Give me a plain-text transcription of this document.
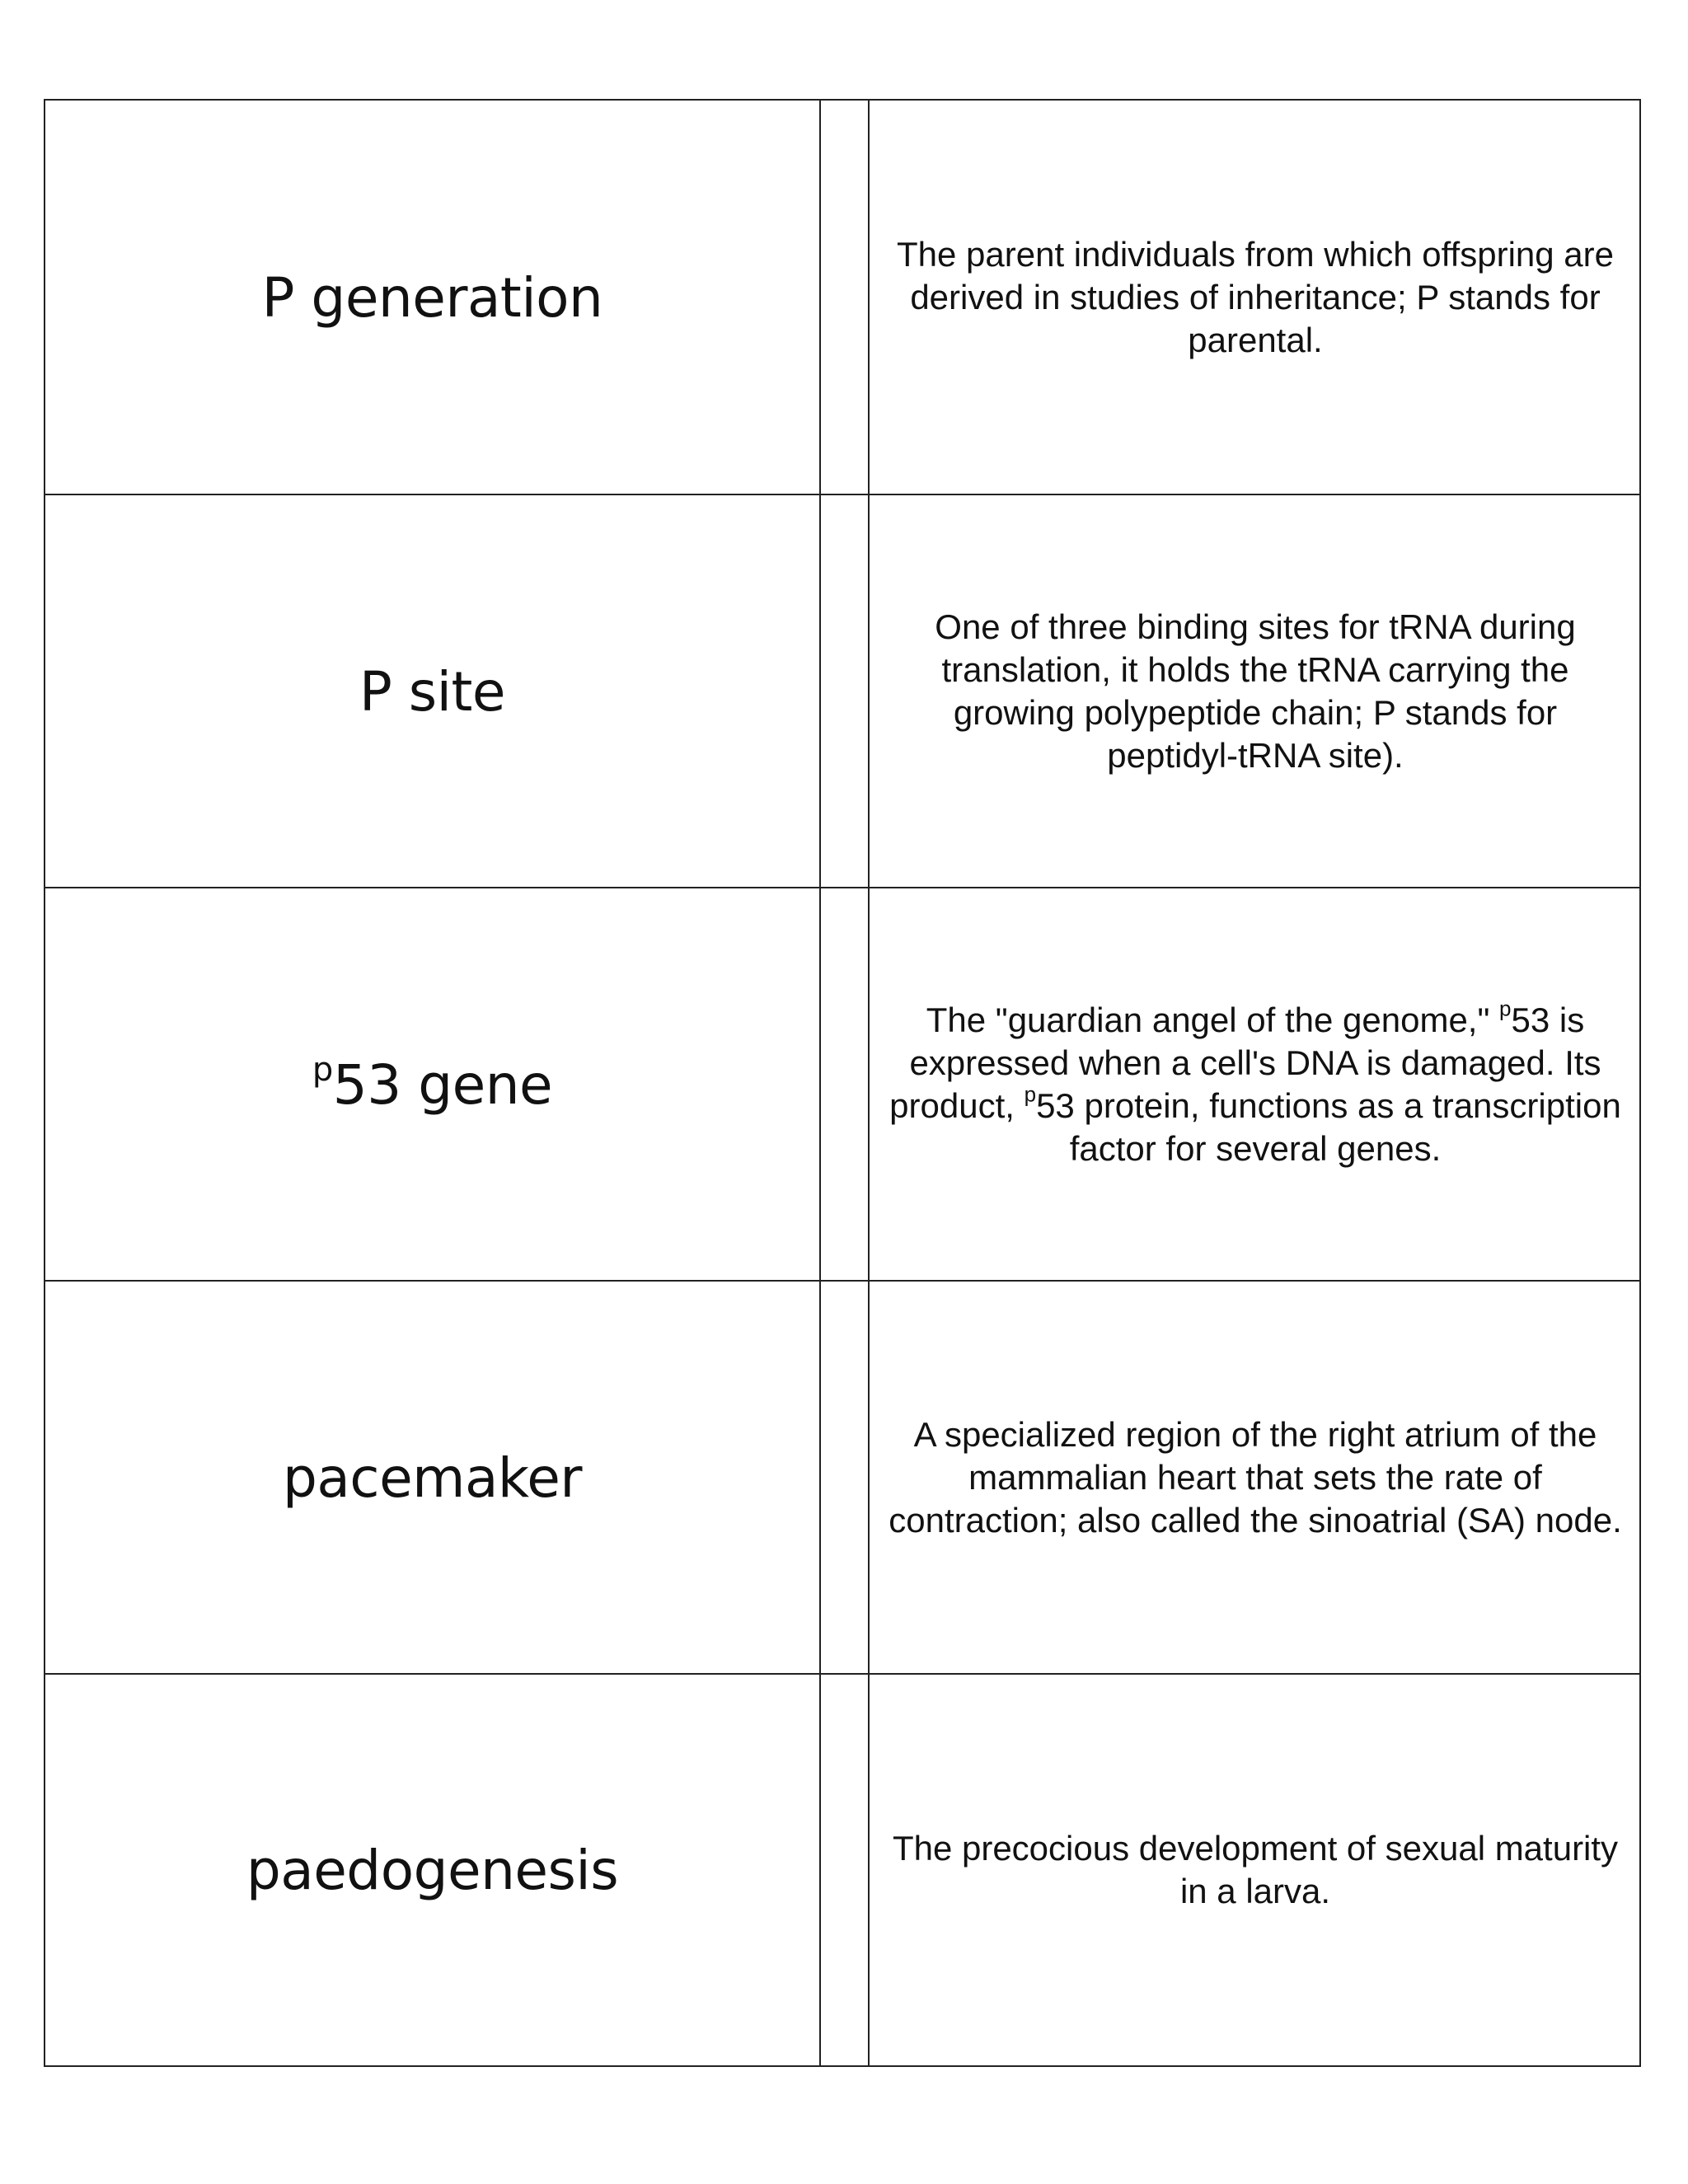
P generation
The parent individuals from which offspring are derived in studies of inheritance; P stands for parental.
P site
One of three binding sites for tRNA during translation, it holds the tRNA carrying the growing polypeptide chain; P stands for peptidyl-tRNA site).
$^p$53 gene
The "guardian angel of the genome," $^p$53 is expressed when a cell's DNA is damaged. Its product, $^p$53 protein, functions as a transcription factor for several genes.
pacemaker
A specialized region of the right atrium of the mammalian heart that sets the rate of contraction; also called the sinoatrial (SA) node.
paedogenesis	The precocious development of sexual maturity in a larva.
